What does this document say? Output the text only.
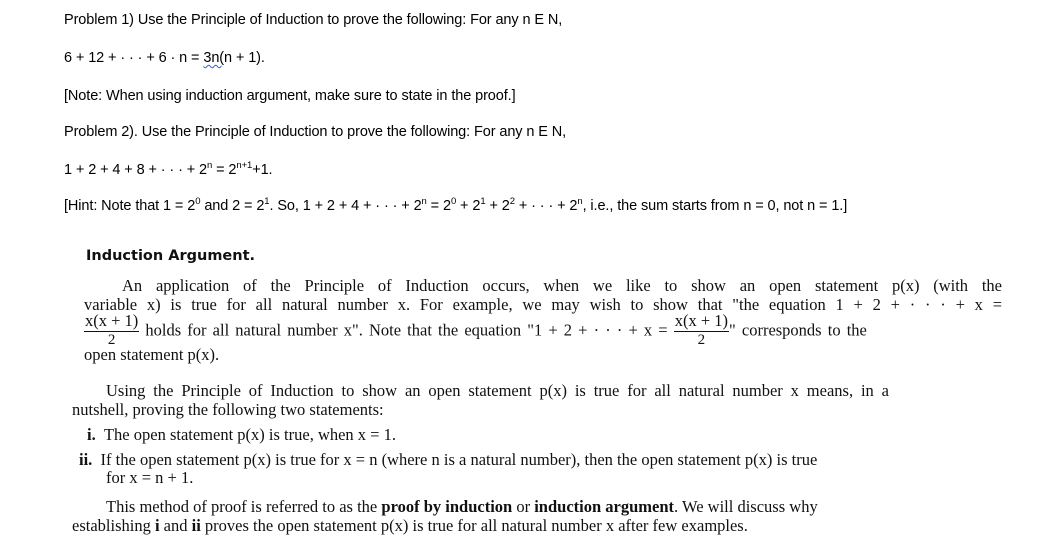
Problem 1) Use the Principle of Induction to prove the following: For any n E N,
6 + 12 + · · · + 6 · n = 3n(n + 1).
[Note: When using induction argument, make sure to state in the proof.]
Problem 2). Use the Principle of Induction to prove the following: For any n E N,
1 + 2 + 4 + 8 + · · · + $2^n = 2^{n+1}+1$.
[Hint: Note that $1 = 2^0$ and $2 = 2^1$. So, 1 + 2 + 4 + · · · + $2^n = 2^0 + 2^1 + 2^2$ + · · · + $2^n$, i.e., the sum starts from n = 0, not n = 1.]
Induction Argument.
An application of the Principle of Induction occurs, when we like to show an open statement p(x) (with the
variable x) is true for all natural number x. For example, we may wish to show that "the equation 1 + 2 + · · · + x =
$\frac{x(x + 1)}{2}$ holds for all natural number x". Note that the equation "1 + 2 + · · · + $x = \frac{x(x + 1)}{2}$ " corresponds to the
open statement p(x).
Using the Principle of Induction to show an open statement p(x) is true for all natural number x means, in a
nutshell, proving the following two statements:
i. The open statement p(x) is true, when x = 1.
ii. If the open statement p(x) is true for x = n (where n is a natural number), then the open statement p(x) is true
for x = n + 1.
This method of proof is referred to as the proof by induction or induction argument. We will discuss why
establishing i and ii proves the open statement p(x) is true for all natural number x after few examples.
